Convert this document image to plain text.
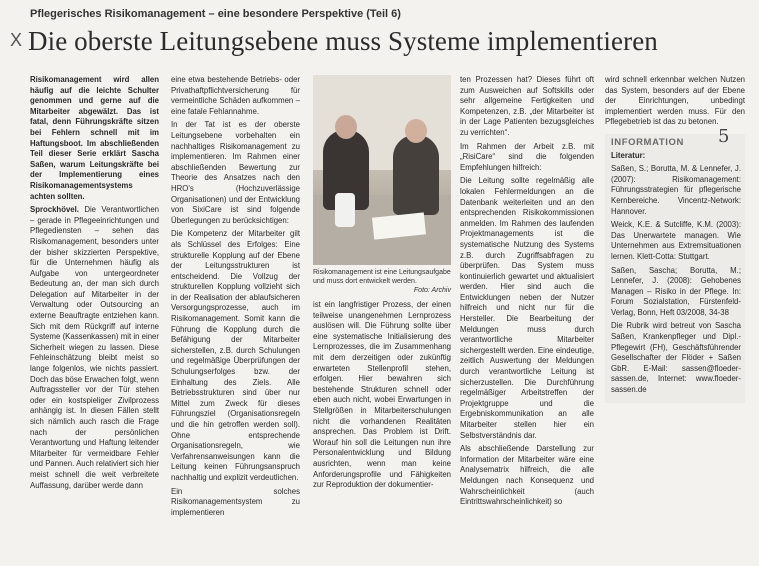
Pflegerisches Risikomanagement – eine besondere Perspektive (Teil 6)
X Die oberste Leitungsebene muss Systeme implementieren

Risikomanagement wird allen häufig auf die leichte Schulter genommen und gerne auf die Mitarbeiter abgewälzt. Das ist fatal, denn Führungskräfte sitzen bei Fehlern schnell mit im Haftungsboot. Im abschließenden Teil dieser Serie erklärt Sascha Saßen, warum Leitungskräfte bei der Implementierung eines Risikomanagementsystems achten sollten.

Sprockhövel. Die Verantwortlichen – gerade in Pflegeeinrichtungen und Pflegediensten – sehen das Risikomanagement, besonders unter der bisher skizzierten Perspektive, für die Unternehmen häufig als Aufgabe von untergeordneter Bedeutung an, der man sich durch Delegation auf Mitarbeiter in der Verwaltung oder Outsourcing an externe Beauftragte entziehen kann. Sich mit dem Rückgriff auf interne Systeme (Kassenkassen) mit in einer Sicherheit wiegen zu lassen. Diese Fehleinschätzung bleibt meist so lange folgenlos, wie nichts passiert. Doch das böse Erwachen folgt, wenn Auftragssteller vor der Tür stehen oder ein kostspieliger Zivilprozess anhängig ist. In diesen Fällen stellt sich nämlich auch rasch die Frage nach der persönlichen Verantwortung und Haftung leitender Mitarbeiter für vermeidbare Fehler und Pannen. Auch relativiert sich hier meist schnell die weit verbreitete Auffassung, darüber werde dann

eine etwa bestehende Betriebs- oder Privathaftpflichtversicherung für vermeintliche Schäden aufkommen – eine fatale Fehlannahme.

In der Tat ist es der oberste Leitungsebene vorbehalten ein nachhaltiges Risikomanagement zu implementieren. Im Rahmen einer abschließenden Bewertung zur Theorie des Ansatzes nach den HRO's (Hochzuverlässige Organisationen) und der Entwicklung von SixiCare ist sind folgende Überlegungen zu berücksichtigen:

Die Kompetenz der Mitarbeiter gilt als Schlüssel des Erfolges: Eine strukturelle Kopplung auf der Ebene der Leitungsstrukturen ist entscheidend. Die Vollzug der strukturellen Kopplung vollzieht sich in der Realisation der ablaufsicheren Versorgungsprozesse, auch im Risikomanagement. Somit kann die Führung die Kopplung durch die Befähigung der Mitarbeiter sicherstellen, z.B. durch Schulungen und regelmäßige Überprüfungen der Schulungserfolges bzw. der Einhaltung des Ziels. Alle Betriebsstrukturen sind über nur Mittel zum Zweck für dieses Führungsziel (Organisationsregeln und die hin getroffen werden soll). Ohne entsprechende Organisationsregeln, wie Verfahrensanweisungen kann die Leitung keinen Führungsanspruch nachhaltig und explizit verdeutlichen.

Ein solches Risikomanagementsystem zu implementieren

Risikomanagement ist eine Leitungsaufgabe und muss dort entwickelt werden.
Foto: Archiv

ist ein langfristiger Prozess, der einen teilweise unangenehmen Lernprozess auslösen will. Die Führung sollte über eine systematische Initialisierung des Lernprozesses, die im Zusammenhang mit dem derzeitigen oder zukünftig erwarteten Stellenprofil stehen, erfolgen. Hier bewahren sich bestehende Strukturen schnell oder eben auch nicht, wobei Erwartungen in Stellgrößen in Mitarbeiterschulungen nicht die vorhandenen Realitäten ansprechen. Das Problem ist Drift. Worauf hin soll die Leitungen nun ihre Personalentwicklung und Bildung ausrichten, wenn man keine Anforderungsprofile und Fähigkeiten zur Reproduktion der dokumentier-

ten Prozessen hat? Dieses führt oft zum Ausweichen auf Softskills oder sehr allgemeine Fertigkeiten und Kompetenzen, z.B. „der Mitarbeiter ist in der Lage Patienten bezugsgleiches zu verrichten“.

Im Rahmen der Arbeit z.B. mit „RisiCare“ sind die folgenden Empfehlungen hilfreich:

Die Leitung sollte regelmäßig alle lokalen Fehlermeldungen an die Datenbank weiterleiten und an den entsprechenden Risikokommissionen anmelden. Im Rahmen des laufenden Projektmanagements ist die systematische Nutzung des Systems z.B. durch Zugriffsabfragen zu überprüfen. Das System muss kontinuierlich gewartet und aktualisiert werden. Hier sind auch die Entwicklungen neben der Nutzer hilfreich und nicht nur für die Hersteller. Die Bearbeitung der Meldungen muss durch verantwortliche Mitarbeiter sichergestellt werden. Eine eindeutige, zeitlich Auswertung der Meldungen durch verantwortliche Leitung ist sicherzustellen. Die Durchführung regelmäßiger Arbeitstreffen der Projektgruppe und die Ergebniskommunikation an alle Mitarbeiter stellen hier ein Selbstverständnis dar.

Als abschließende Darstellung zur Information der Mitarbeiter wäre eine Analysematrix hilfreich, die alle Meldungen nach Konsequenz und Wahrscheinlichkeit (auch Eintrittswahrscheinlichkeit) so

wird schnell erkennbar welchen Nutzen das System, besonders auf der Ebene der Einrichtungen, unbedingt implementiert werden muss. Für den Pflegebetrieb ist das zu betonen.

INFORMATION 5
Literatur:

Saßen, S.; Borutta, M. & Lennefer, J. (2007): Risikomanagement: Führungsstrategien für pflegerische Kernbereiche. Vincentz-Network: Hannover.

Weick, K.E. & Sutcliffe, K.M. (2003): Das Unerwartete managen. Wie Unternehmen aus Extremsituationen lernen. Klett-Cotta: Stuttgart.

Saßen, Sascha; Borutta, M.; Lennefer, J. (2008): Gehobenes Managen – Risiko in der Pflege. In: Forum Sozialstation, Fürstenfeld-Verlag, Bonn, Heft 03/2008, 34-38

Die Rubrik wird betreut von Sascha Saßen, Krankenpfleger und Dipl.-Pflegewirt (FH), Geschäftsführender Gesellschafter der Flöder + Saßen GbR. E-Mail: sassen@floeder-sassen.de, Internet: www.floeder-sassen.de
